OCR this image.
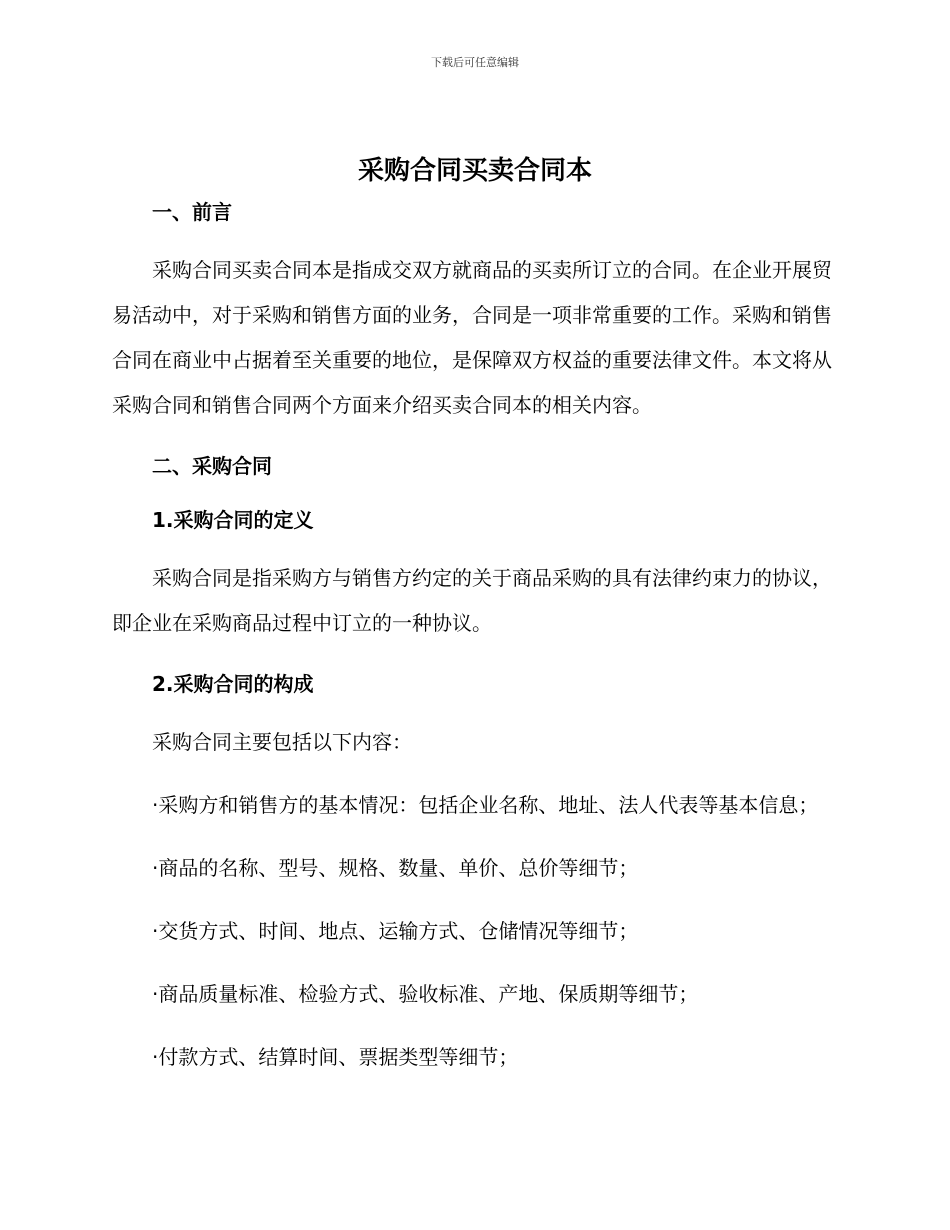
下载后可任意编辑
采购合同买卖合同本

一、前言

采购合同买卖合同本是指成交双方就商品的买卖所订立的合同。在企业开展贸易活动中，对于采购和销售方面的业务，合同是一项非常重要的工作。采购和销售合同在商业中占据着至关重要的地位，是保障双方权益的重要法律文件。本文将从采购合同和销售合同两个方面来介绍买卖合同本的相关内容。

二、采购合同

1.采购合同的定义

采购合同是指采购方与销售方约定的关于商品采购的具有法律约束力的协议，即企业在采购商品过程中订立的一种协议。

2.采购合同的构成

采购合同主要包括以下内容：

·采购方和销售方的基本情况：包括企业名称、地址、法人代表等基本信息；

·商品的名称、型号、规格、数量、单价、总价等细节；

·交货方式、时间、地点、运输方式、仓储情况等细节；

·商品质量标准、检验方式、验收标准、产地、保质期等细节；

·付款方式、结算时间、票据类型等细节；
